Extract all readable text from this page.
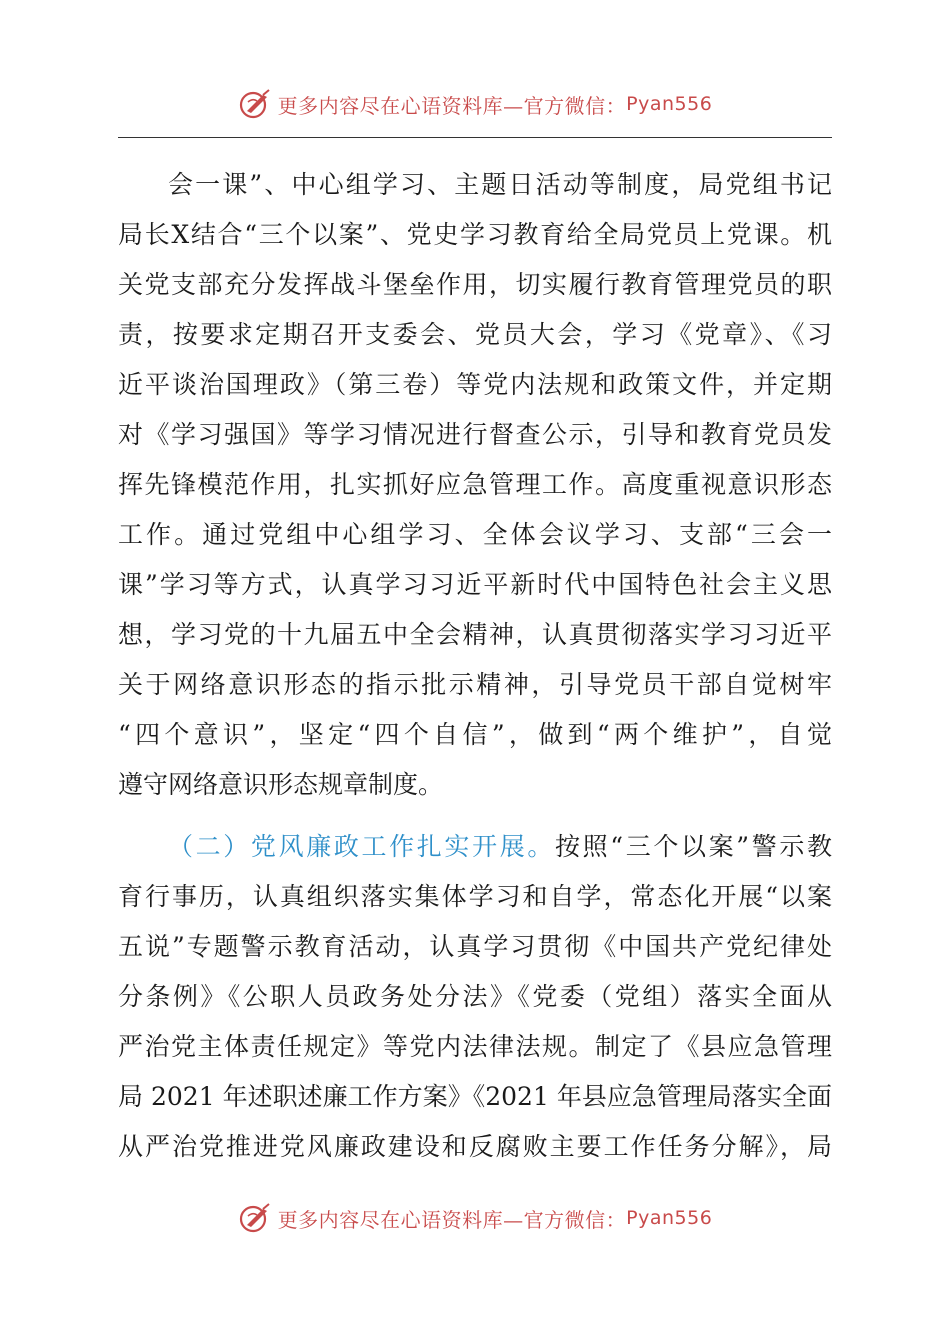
更多内容尽在心语资料库—官方微信： Pyan556
会一课”、中心组学习、主题日活动等制度，局党组书记
局长X结合“三个以案”、党史学习教育给全局党员上党课。机
关党支部充分发挥战斗堡垒作用，切实履行教育管理党员的职
责，按要求定期召开支委会、党员大会，学习《党章》、《习
近平谈治国理政》（第三卷）等党内法规和政策文件，并定期
对《学习强国》等学习情况进行督查公示，引导和教育党员发
挥先锋模范作用，扎实抓好应急管理工作。高度重视意识形态
工作。通过党组中心组学习、全体会议学习、支部“三会一
课”学习等方式，认真学习习近平新时代中国特色社会主义思
想，学习党的十九届五中全会精神，认真贯彻落实学习习近平
关于网络意识形态的指示批示精神，引导党员干部自觉树牢
“四个意识”，坚定“四个自信”，做到“两个维护”，自觉
遵守网络意识形态规章制度。
（二）党风廉政工作扎实开展。按照“三个以案”警示教
育行事历，认真组织落实集体学习和自学，常态化开展“以案
五说”专题警示教育活动，认真学习贯彻《中国共产党纪律处
分条例》《公职人员政务处分法》《党委（党组）落实全面从
严治党主体责任规定》等党内法律法规。制定了《县应急管理
局 2021 年述职述廉工作方案》《2021 年县应急管理局落实全面
从严治党推进党风廉政建设和反腐败主要工作任务分解》，局
更多内容尽在心语资料库—官方微信： Pyan556
